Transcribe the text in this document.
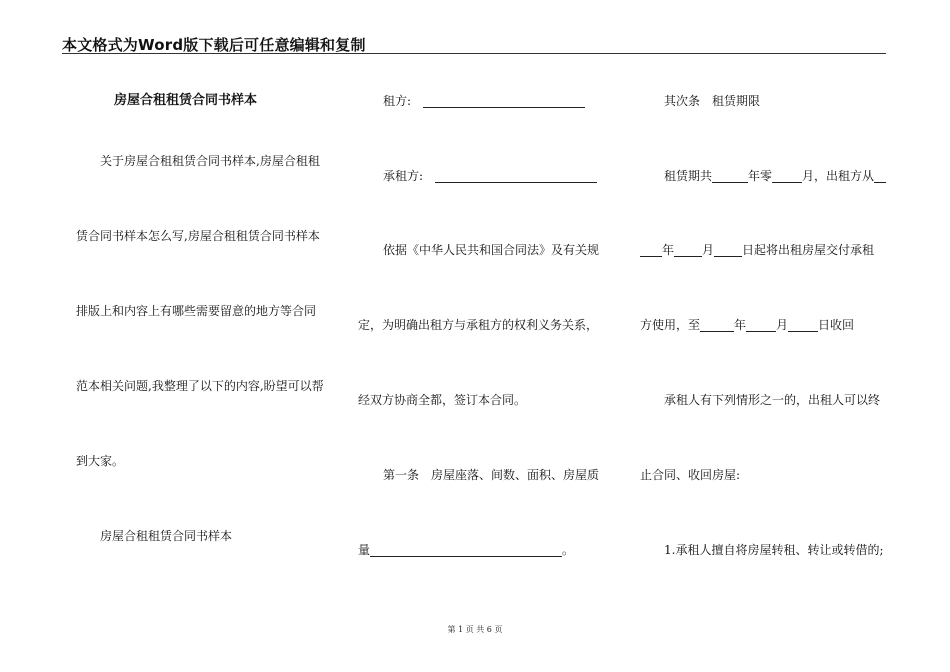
本文格式为Word版下载后可任意编辑和复制
房屋合租租赁合同书样本
关于房屋合租租赁合同书样本,房屋合租租
赁合同书样本怎么写,房屋合租租赁合同书样本
排版上和内容上有哪些需要留意的地方等合同
范本相关问题,我整理了以下的内容,盼望可以帮
到大家。
房屋合租租赁合同书样本
租方:
承租方:
依据《中华人民共和国合同法》及有关规
定，为明确出租方与承租方的权利义务关系，
经双方协商全都，签订本合同。
第一条　房屋座落、间数、面积、房屋质
量	。
其次条　租赁期限
租赁期共	年零	月，出租方从
年 月 日起将出租房屋交付承租
方使用，至	年	月	日收回
承租人有下列情形之一的，出租人可以终
止合同、收回房屋:
1.承租人擅自将房屋转租、转让或转借的;
第 1 页 共 6 页
